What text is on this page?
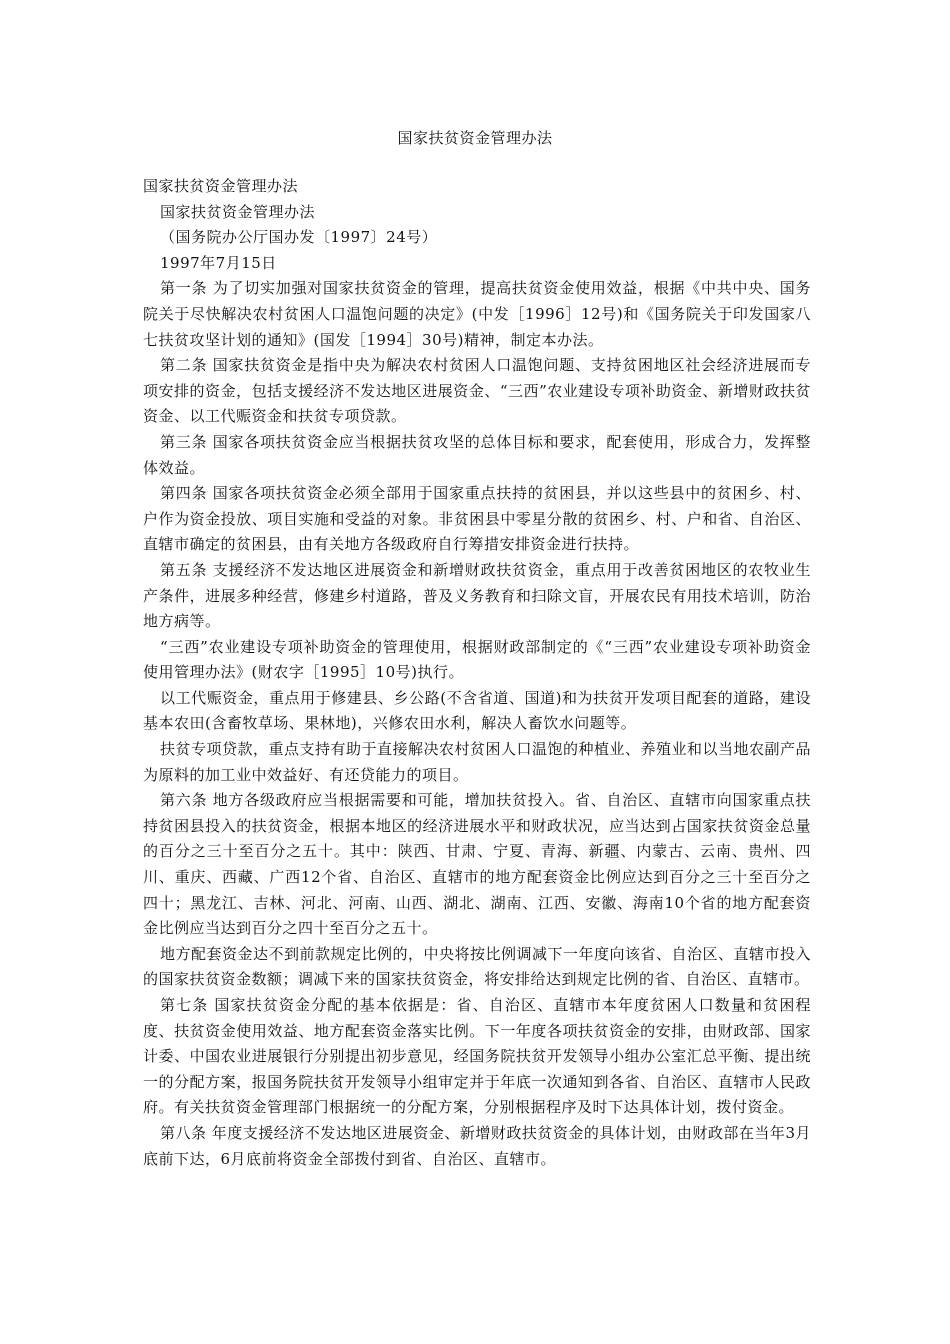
国家扶贫资金管理办法

国家扶贫资金管理办法

国家扶贫资金管理办法

（国务院办公厅国办发〔1997〕24号）

1997年7月15日

第一条 为了切实加强对国家扶贫资金的管理，提高扶贫资金使用效益，根据《中共中央、国务院关于尽快解决农村贫困人口温饱问题的决定》(中发［1996］12号)和《国务院关于印发国家八七扶贫攻坚计划的通知》(国发［1994］30号)精神，制定本办法。

第二条 国家扶贫资金是指中央为解决农村贫困人口温饱问题、支持贫困地区社会经济进展而专项安排的资金，包括支援经济不发达地区进展资金、“三西”农业建设专项补助资金、新增财政扶贫资金、以工代赈资金和扶贫专项贷款。

第三条 国家各项扶贫资金应当根据扶贫攻坚的总体目标和要求，配套使用，形成合力，发挥整体效益。

第四条 国家各项扶贫资金必须全部用于国家重点扶持的贫困县，并以这些县中的贫困乡、村、户作为资金投放、项目实施和受益的对象。非贫困县中零星分散的贫困乡、村、户和省、自治区、直辖市确定的贫困县，由有关地方各级政府自行筹措安排资金进行扶持。

第五条 支援经济不发达地区进展资金和新增财政扶贫资金，重点用于改善贫困地区的农牧业生产条件，进展多种经营，修建乡村道路，普及义务教育和扫除文盲，开展农民有用技术培训，防治地方病等。

“三西”农业建设专项补助资金的管理使用，根据财政部制定的《“三西”农业建设专项补助资金使用管理办法》(财农字［1995］10号)执行。

以工代赈资金，重点用于修建县、乡公路(不含省道、国道)和为扶贫开发项目配套的道路，建设基本农田(含畜牧草场、果林地)，兴修农田水利，解决人畜饮水问题等。

扶贫专项贷款，重点支持有助于直接解决农村贫困人口温饱的种植业、养殖业和以当地农副产品为原料的加工业中效益好、有还贷能力的项目。

第六条 地方各级政府应当根据需要和可能，增加扶贫投入。省、自治区、直辖市向国家重点扶持贫困县投入的扶贫资金，根据本地区的经济进展水平和财政状况，应当达到占国家扶贫资金总量的百分之三十至百分之五十。其中：陕西、甘肃、宁夏、青海、新疆、内蒙古、云南、贵州、四川、重庆、西藏、广西12个省、自治区、直辖市的地方配套资金比例应达到百分之三十至百分之四十；黑龙江、吉林、河北、河南、山西、湖北、湖南、江西、安徽、海南10个省的地方配套资金比例应当达到百分之四十至百分之五十。

地方配套资金达不到前款规定比例的，中央将按比例调减下一年度向该省、自治区、直辖市投入的国家扶贫资金数额；调减下来的国家扶贫资金，将安排给达到规定比例的省、自治区、直辖市。

第七条 国家扶贫资金分配的基本依据是：省、自治区、直辖市本年度贫困人口数量和贫困程度、扶贫资金使用效益、地方配套资金落实比例。下一年度各项扶贫资金的安排，由财政部、国家计委、中国农业进展银行分别提出初步意见，经国务院扶贫开发领导小组办公室汇总平衡、提出统一的分配方案，报国务院扶贫开发领导小组审定并于年底一次通知到各省、自治区、直辖市人民政府。有关扶贫资金管理部门根据统一的分配方案，分别根据程序及时下达具体计划，拨付资金。

第八条 年度支援经济不发达地区进展资金、新增财政扶贫资金的具体计划，由财政部在当年3月底前下达，6月底前将资金全部拨付到省、自治区、直辖市。
